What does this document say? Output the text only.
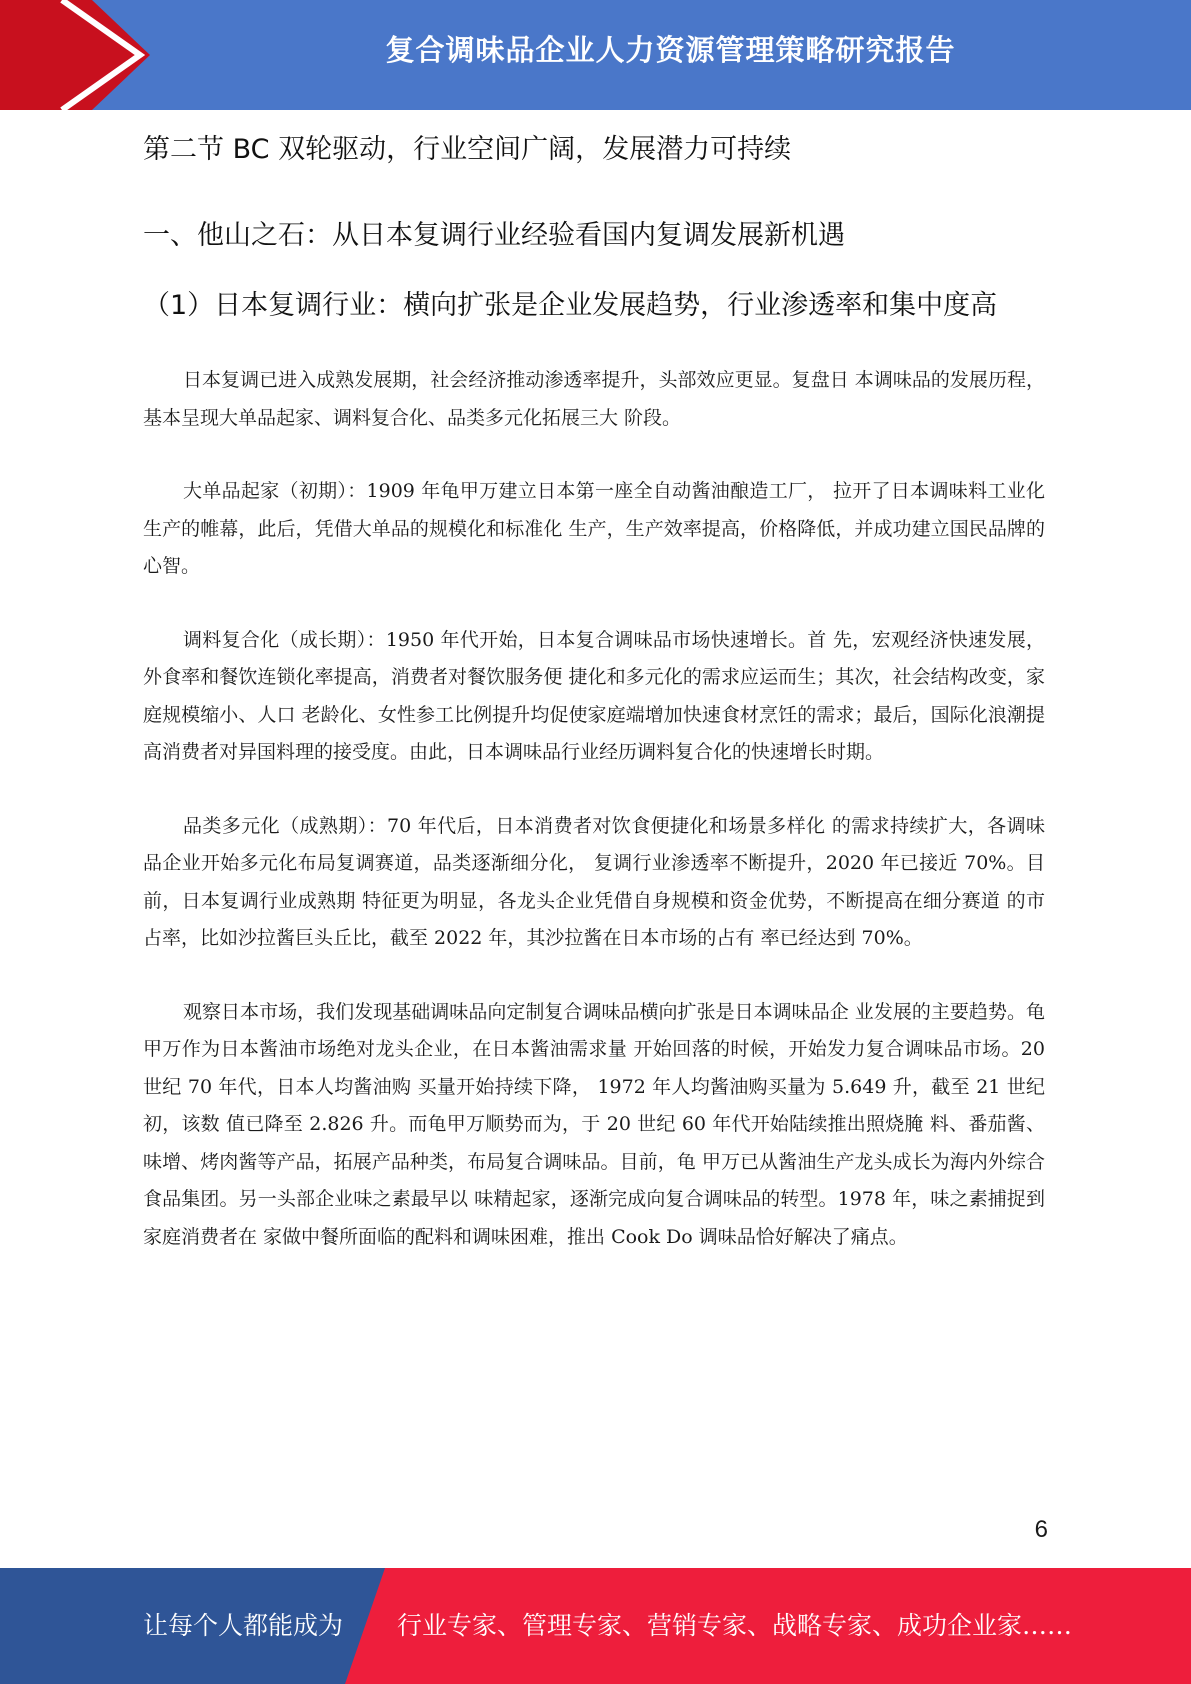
复合调味品企业人力资源管理策略研究报告
第二节 BC 双轮驱动，行业空间广阔，发展潜力可持续
一、他山之石：从日本复调行业经验看国内复调发展新机遇
（1）日本复调行业：横向扩张是企业发展趋势，行业渗透率和集中度高

日本复调已进入成熟发展期，社会经济推动渗透率提升，头部效应更显。复盘日 本调味品的发展历程，基本呈现大单品起家、调料复合化、品类多元化拓展三大 阶段。

大单品起家（初期）：1909 年龟甲万建立日本第一座全自动酱油酿造工厂， 拉开了日本调味料工业化生产的帷幕，此后，凭借大单品的规模化和标准化 生产，生产效率提高，价格降低，并成功建立国民品牌的心智。

调料复合化（成长期）：1950 年代开始，日本复合调味品市场快速增长。首 先，宏观经济快速发展，外食率和餐饮连锁化率提高，消费者对餐饮服务便 捷化和多元化的需求应运而生；其次，社会结构改变，家庭规模缩小、人口 老龄化、女性参工比例提升均促使家庭端增加快速食材烹饪的需求；最后，国际化浪潮提高消费者对异国料理的接受度。由此，日本调味品行业经历调料复合化的快速增长时期。

品类多元化（成熟期）：70 年代后，日本消费者对饮食便捷化和场景多样化 的需求持续扩大，各调味品企业开始多元化布局复调赛道，品类逐渐细分化， 复调行业渗透率不断提升，2020 年已接近 70%。目前，日本复调行业成熟期 特征更为明显，各龙头企业凭借自身规模和资金优势，不断提高在细分赛道 的市占率，比如沙拉酱巨头丘比，截至 2022 年，其沙拉酱在日本市场的占有 率已经达到 70%。

观察日本市场，我们发现基础调味品向定制复合调味品横向扩张是日本调味品企 业发展的主要趋势。龟甲万作为日本酱油市场绝对龙头企业，在日本酱油需求量 开始回落的时候，开始发力复合调味品市场。20 世纪 70 年代，日本人均酱油购 买量开始持续下降， 1972 年人均酱油购买量为 5.649 升，截至 21 世纪初，该数 值已降至 2.826 升。而龟甲万顺势而为，于 20 世纪 60 年代开始陆续推出照烧腌 料、番茄酱、味增、烤肉酱等产品，拓展产品种类，布局复合调味品。目前，龟 甲万已从酱油生产龙头成长为海内外综合食品集团。另一头部企业味之素最早以 味精起家，逐渐完成向复合调味品的转型。1978 年，味之素捕捉到家庭消费者在 家做中餐所面临的配料和调味困难，推出 Cook Do 调味品恰好解决了痛点。

6
让每个人都能成为 行业专家、管理专家、营销专家、战略专家、成功企业家……
